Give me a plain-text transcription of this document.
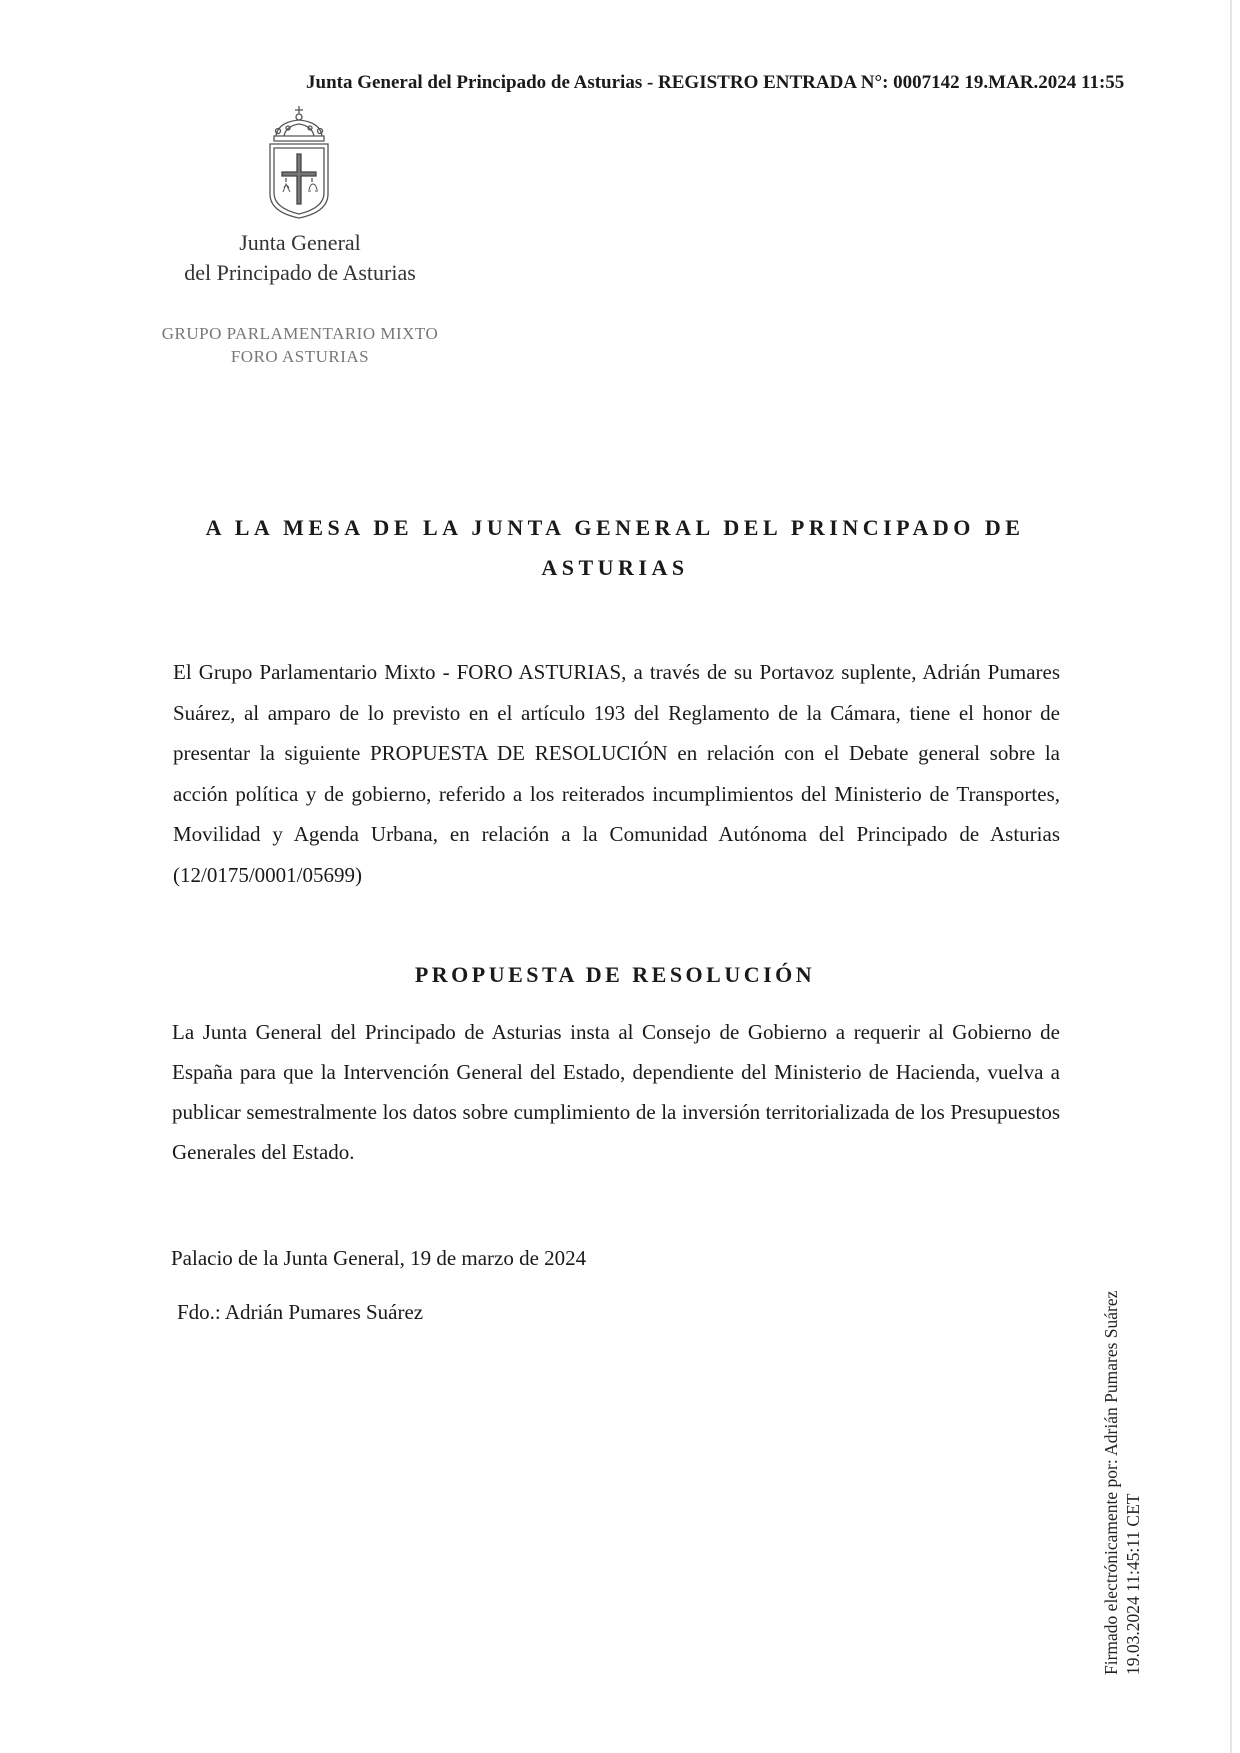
Junta General del Principado de Asturias - REGISTRO ENTRADA N°: 0007142 19.MAR.2024 11:55
Junta General
del Principado de Asturias
GRUPO PARLAMENTARIO MIXTO
FORO ASTURIAS
A LA MESA DE LA JUNTA GENERAL DEL PRINCIPADO DE
ASTURIAS
El Grupo Parlamentario Mixto - FORO ASTURIAS, a través de su Portavoz suplente, Adrián Pumares Suárez, al amparo de lo previsto en el artículo 193 del Reglamento de la Cámara, tiene el honor de presentar la siguiente PROPUESTA DE RESOLUCIÓN en relación con el Debate general sobre la acción política y de gobierno, referido a los reiterados incumplimientos del Ministerio de Transportes, Movilidad y Agenda Urbana, en relación a la Comunidad Autónoma del Principado de Asturias (12/0175/0001/05699)
PROPUESTA DE RESOLUCIÓN
La Junta General del Principado de Asturias insta al Consejo de Gobierno a requerir al Gobierno de España para que la Intervención General del Estado, dependiente del Ministerio de Hacienda, vuelva a publicar semestralmente los datos sobre cumplimiento de la inversión territorializada de los Presupuestos Generales del Estado.
Palacio de la Junta General, 19 de marzo de 2024
Fdo.: Adrián Pumares Suárez	Firmado electrónicamente por: Adrián Pumares Suárez 19.03.2024 11:45:11 CET
